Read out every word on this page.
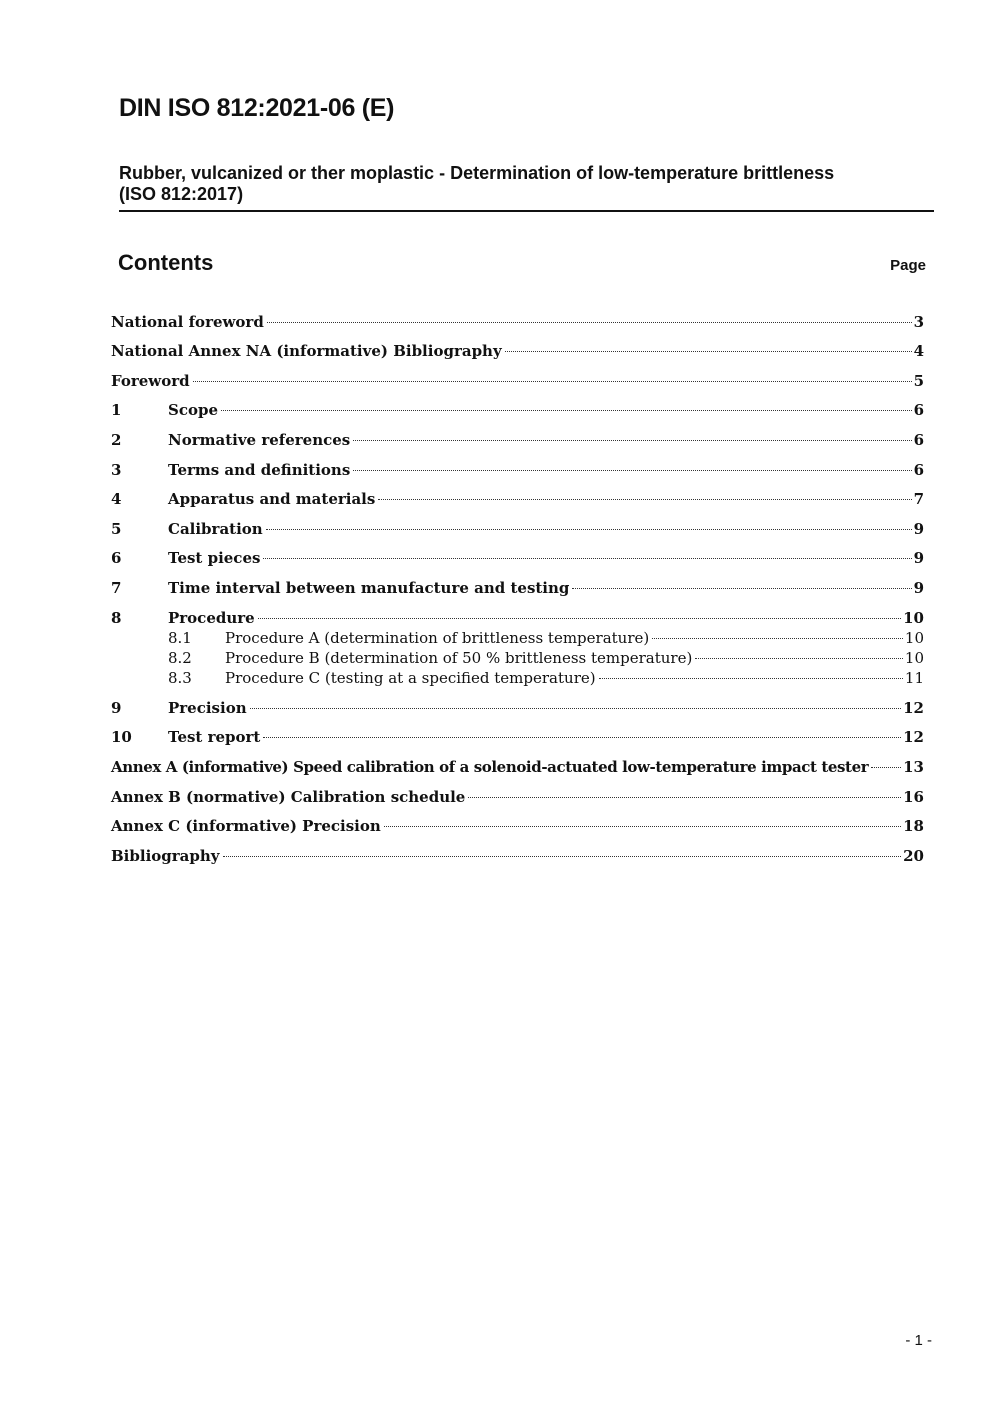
DIN ISO 812:2021-06 (E)
Rubber, vulcanized or ther moplastic - Determination of low-temperature brittleness
(ISO 812:2017)
Contents	Page
National foreword	3
National Annex NA (informative) Bibliography	4
Foreword	5
1	Scope	6
2	Normative references	6
3	Terms and definitions	6
4	Apparatus and materials	7
5	Calibration	9
6	Test pieces	9
7	Time interval between manufacture and testing	9
8	Procedure	10
8.1	Procedure A (determination of brittleness temperature)	10
8.2	Procedure B (determination of 50 % brittleness temperature)	10
8.3	Procedure C (testing at a specified temperature)	11
9	Precision	12
10	Test report	12
Annex A (informative) Speed calibration of a solenoid-actuated low-temperature impact tester 13
Annex B (normative) Calibration schedule	16
Annex C (informative) Precision	18
Bibliography	20
- 1 -
